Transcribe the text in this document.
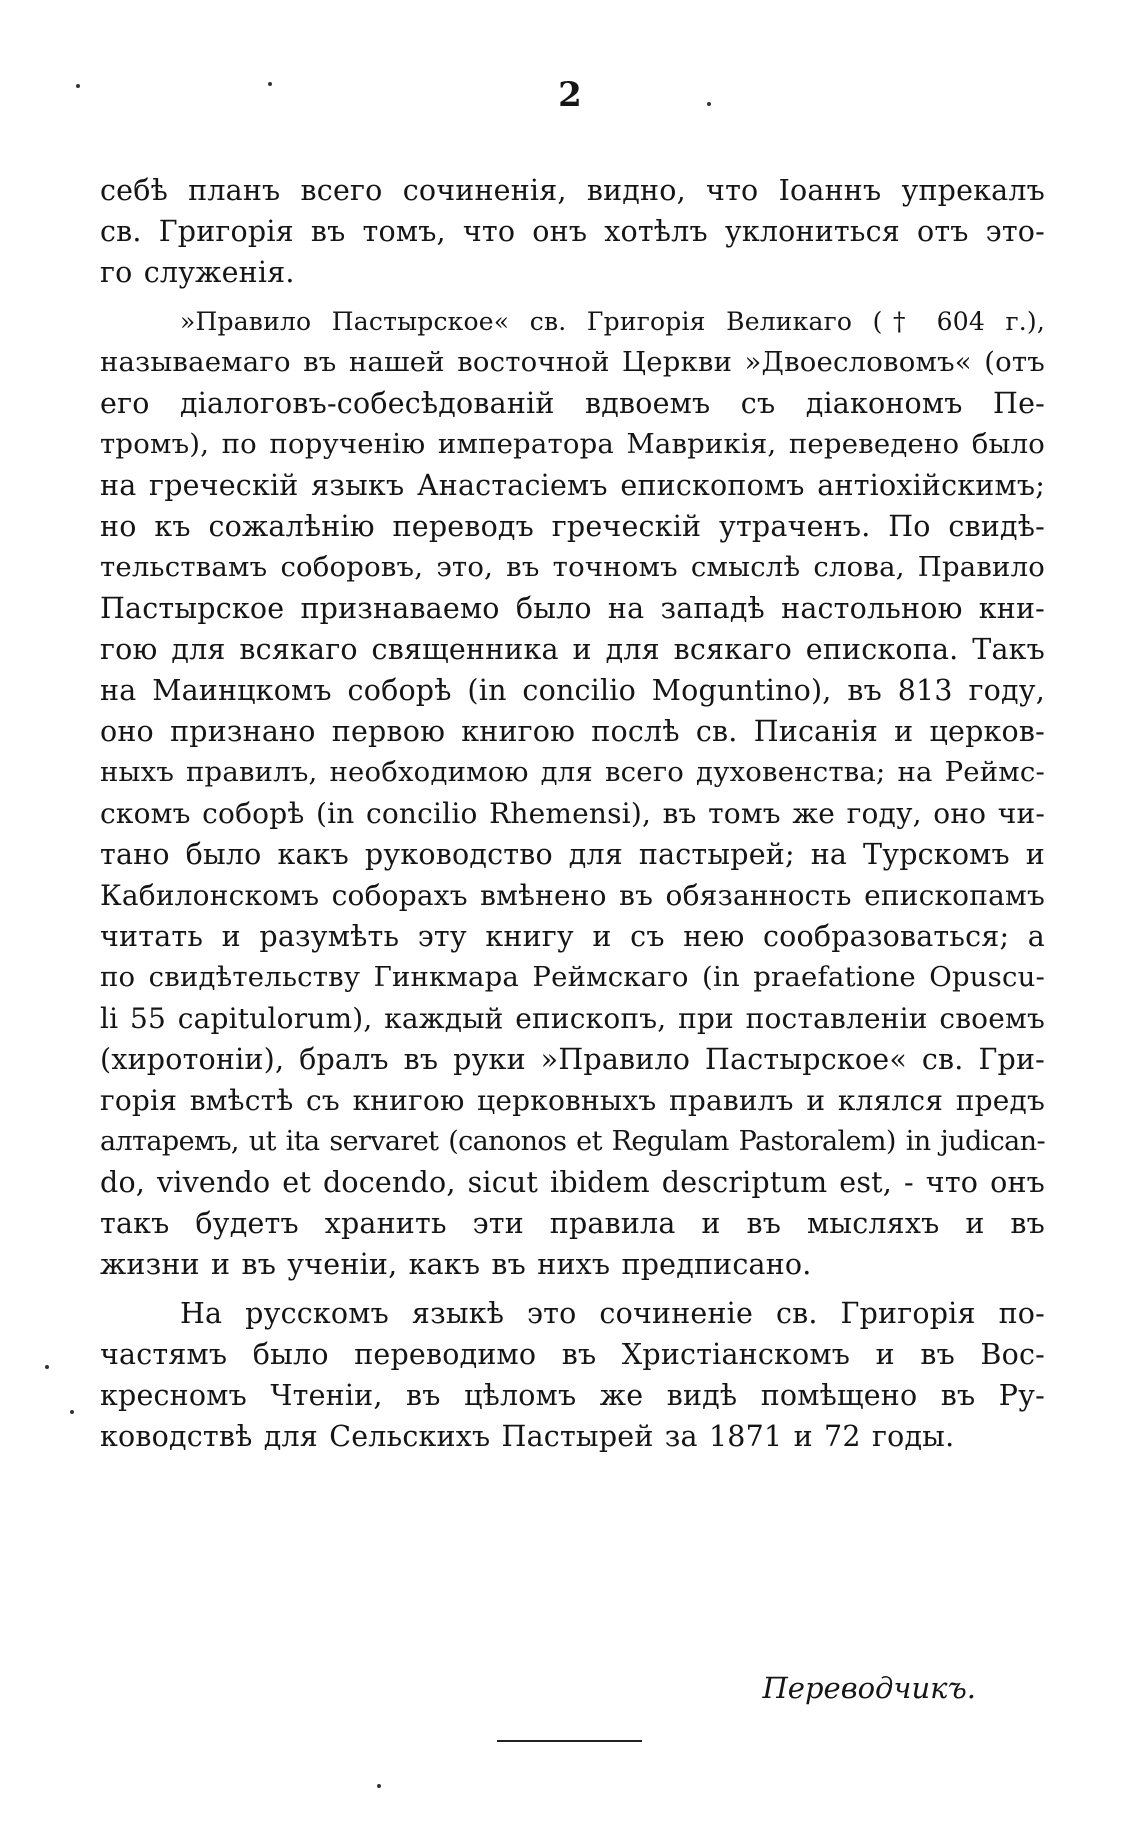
2
себѣ планъ всего сочиненія, видно, что Іоаннъ упрекалъ
св. Григорія въ томъ, что онъ хотѣлъ уклониться отъ это-
го служенія.
»Правило Пастырское« св. Григорія Великаго († 604 г.),
называемаго въ нашей восточной Церкви »Двоесловомъ« (отъ
его діалоговъ-собесѣдованій вдвоемъ съ діакономъ Пе-
тромъ), по порученію императора Маврикія, переведено было
на греческій языкъ Анастасіемъ епископомъ антіохійскимъ;
но къ сожалѣнію переводъ греческій утраченъ. По свидѣ-
тельствамъ соборовъ, это, въ точномъ смыслѣ слова, Правило
Пастырское признаваемо было на западѣ настольною кни-
гою для всякаго священника и для всякаго епископа. Такъ
на Маинцкомъ соборѣ (in concilio Moguntino), въ 813 году,
оно признано первою книгою послѣ св. Писанія и церков-
ныхъ правилъ, необходимою для всего духовенства; на Реймс-
скомъ соборѣ (in concilio Rhemensi), въ томъ же году, оно чи-
тано было какъ руководство для пастырей; на Турскомъ и
Кабилонскомъ соборахъ вмѣнено въ обязанность епископамъ
читать и разумѣть эту книгу и съ нею сообразоваться; а
по свидѣтельству Гинкмара Реймскаго (in praefatione Opuscu-
li 55 capitulorum), каждый епископъ, при поставленіи своемъ
(хиротоніи), бралъ въ руки »Правило Пастырское« св. Гри-
горія вмѣстѣ съ книгою церковныхъ правилъ и клялся предъ
алтаремъ, ut ita servaret (canonos et Regulam Pastoralem) in judican-
do, vivendo et docendo, sicut ibidem descriptum est, - что онъ
такъ будетъ хранить эти правила и въ мысляхъ и въ
жизни и въ ученіи, какъ въ нихъ предписано.
На русскомъ языкѣ это сочиненіе св. Григорія по-
частямъ было переводимо въ Христіанскомъ и въ Вос-
кресномъ Чтеніи, въ цѣломъ же видѣ помѣщено въ Ру-
ководствѣ для Сельскихъ Пастырей за 1871 и 72 годы.
Переводчикъ.
